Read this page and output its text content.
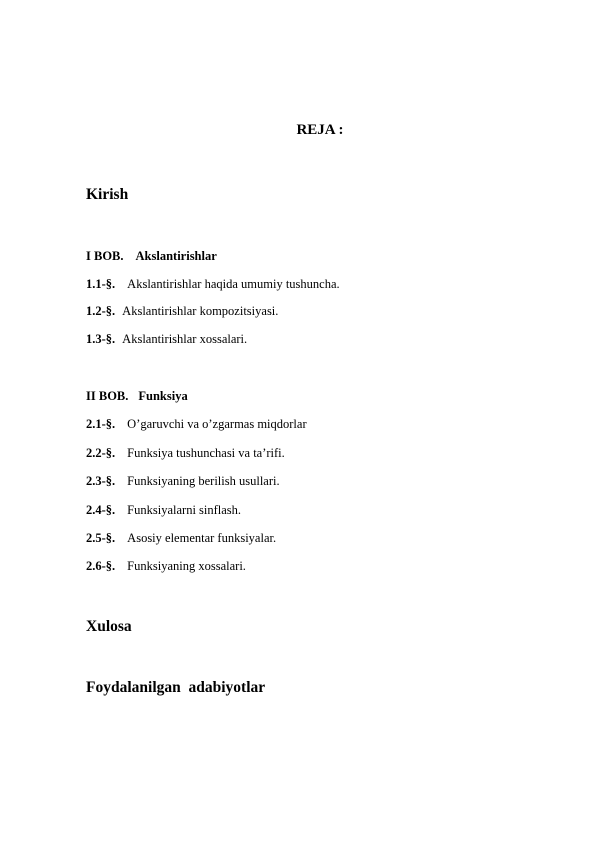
REJA :
Kirish
I BOB. Akslantirishlar
1.1-§. Akslantirishlar haqida umumiy tushuncha.
1.2-§. Akslantirishlar kompozitsiyasi.
1.3-§. Akslantirishlar xossalari.
II BOB. Funksiya
2.1-§. O’garuvchi va o’zgarmas miqdorlar
2.2-§. Funksiya tushunchasi va ta’rifi.
2.3-§. Funksiyaning berilish usullari.
2.4-§. Funksiyalarni sinflash.
2.5-§. Asosiy elementar funksiyalar.
2.6-§. Funksiyaning xossalari.
Xulosa
Foydalanilgan  adabiyotlar
